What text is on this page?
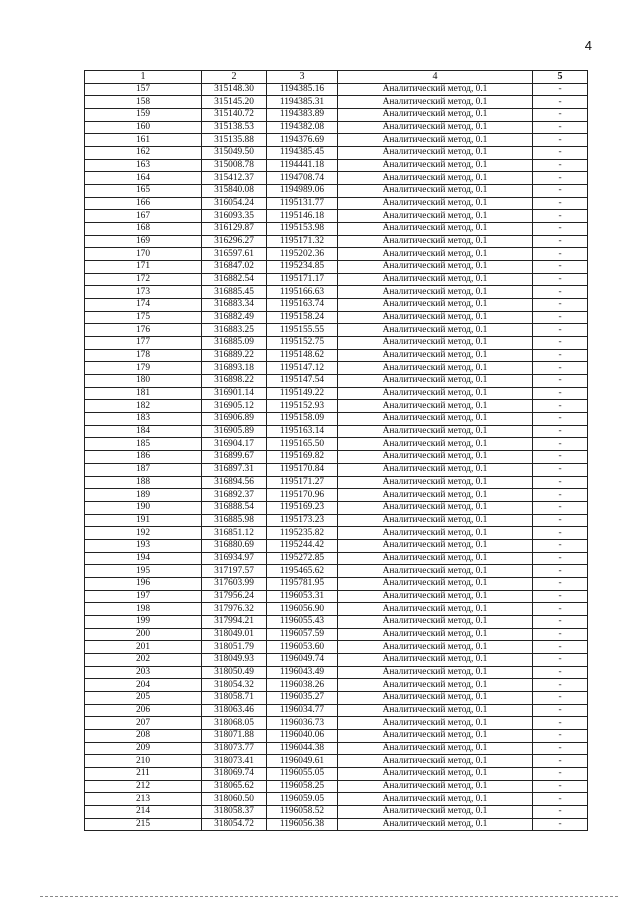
4
1	2	3	4	5
157	315148.30	1194385.16	Аналитический метод, 0.1	-
158	315145.20	1194385.31	Аналитический метод, 0.1	-
159	315140.72	1194383.89	Аналитический метод, 0.1	-
160	315138.53	1194382.08	Аналитический метод, 0.1	-
161	315135.88	1194376.69	Аналитический метод, 0.1	-
162	315049.50	1194385.45	Аналитический метод, 0.1	-
163	315008.78	1194441.18	Аналитический метод, 0.1	-
164	315412.37	1194708.74	Аналитический метод, 0.1	-
165	315840.08	1194989.06	Аналитический метод, 0.1	-
166	316054.24	1195131.77	Аналитический метод, 0.1	-
167	316093.35	1195146.18	Аналитический метод, 0.1	-
168	316129.87	1195153.98	Аналитический метод, 0.1	-
169	316296.27	1195171.32	Аналитический метод, 0.1	-
170	316597.61	1195202.36	Аналитический метод, 0.1	-
171	316847.02	1195234.85	Аналитический метод, 0.1	-
172	316882.54	1195171.17	Аналитический метод, 0.1	-
173	316885.45	1195166.63	Аналитический метод, 0.1	-
174	316883.34	1195163.74	Аналитический метод, 0.1	-
175	316882.49	1195158.24	Аналитический метод, 0.1	-
176	316883.25	1195155.55	Аналитический метод, 0.1	-
177	316885.09	1195152.75	Аналитический метод, 0.1	-
178	316889.22	1195148.62	Аналитический метод, 0.1	-
179	316893.18	1195147.12	Аналитический метод, 0.1	-
180	316898.22	1195147.54	Аналитический метод, 0.1	-
181	316901.14	1195149.22	Аналитический метод, 0.1	-
182	316905.12	1195152.93	Аналитический метод, 0.1	-
183	316906.89	1195158.09	Аналитический метод, 0.1	-
184	316905.89	1195163.14	Аналитический метод, 0.1	-
185	316904.17	1195165.50	Аналитический метод, 0.1	-
186	316899.67	1195169.82	Аналитический метод, 0.1	-
187	316897.31	1195170.84	Аналитический метод, 0.1	-
188	316894.56	1195171.27	Аналитический метод, 0.1	-
189	316892.37	1195170.96	Аналитический метод, 0.1	-
190	316888.54	1195169.23	Аналитический метод, 0.1	-
191	316885.98	1195173.23	Аналитический метод, 0.1	-
192	316851.12	1195235.82	Аналитический метод, 0.1	-
193	316880.69	1195244.42	Аналитический метод, 0.1	-
194	316934.97	1195272.85	Аналитический метод, 0.1	-
195	317197.57	1195465.62	Аналитический метод, 0.1	-
196	317603.99	1195781.95	Аналитический метод, 0.1	-
197	317956.24	1196053.31	Аналитический метод, 0.1	-
198	317976.32	1196056.90	Аналитический метод, 0.1	-
199	317994.21	1196055.43	Аналитический метод, 0.1	-
200	318049.01	1196057.59	Аналитический метод, 0.1	-
201	318051.79	1196053.60	Аналитический метод, 0.1	-
202	318049.93	1196049.74	Аналитический метод, 0.1	-
203	318050.49	1196043.49	Аналитический метод, 0.1	-
204	318054.32	1196038.26	Аналитический метод, 0.1	-
205	318058.71	1196035.27	Аналитический метод, 0.1	-
206	318063.46	1196034.77	Аналитический метод, 0.1	-
207	318068.05	1196036.73	Аналитический метод, 0.1	-
208	318071.88	1196040.06	Аналитический метод, 0.1	-
209	318073.77	1196044.38	Аналитический метод, 0.1	-
210	318073.41	1196049.61	Аналитический метод, 0.1	-
211	318069.74	1196055.05	Аналитический метод, 0.1	-
212	318065.62	1196058.25	Аналитический метод, 0.1	-
213	318060.50	1196059.05	Аналитический метод, 0.1	-
214	318058.37	1196058.52	Аналитический метод, 0.1	-
215	318054.72	1196056.38	Аналитический метод, 0.1	-
